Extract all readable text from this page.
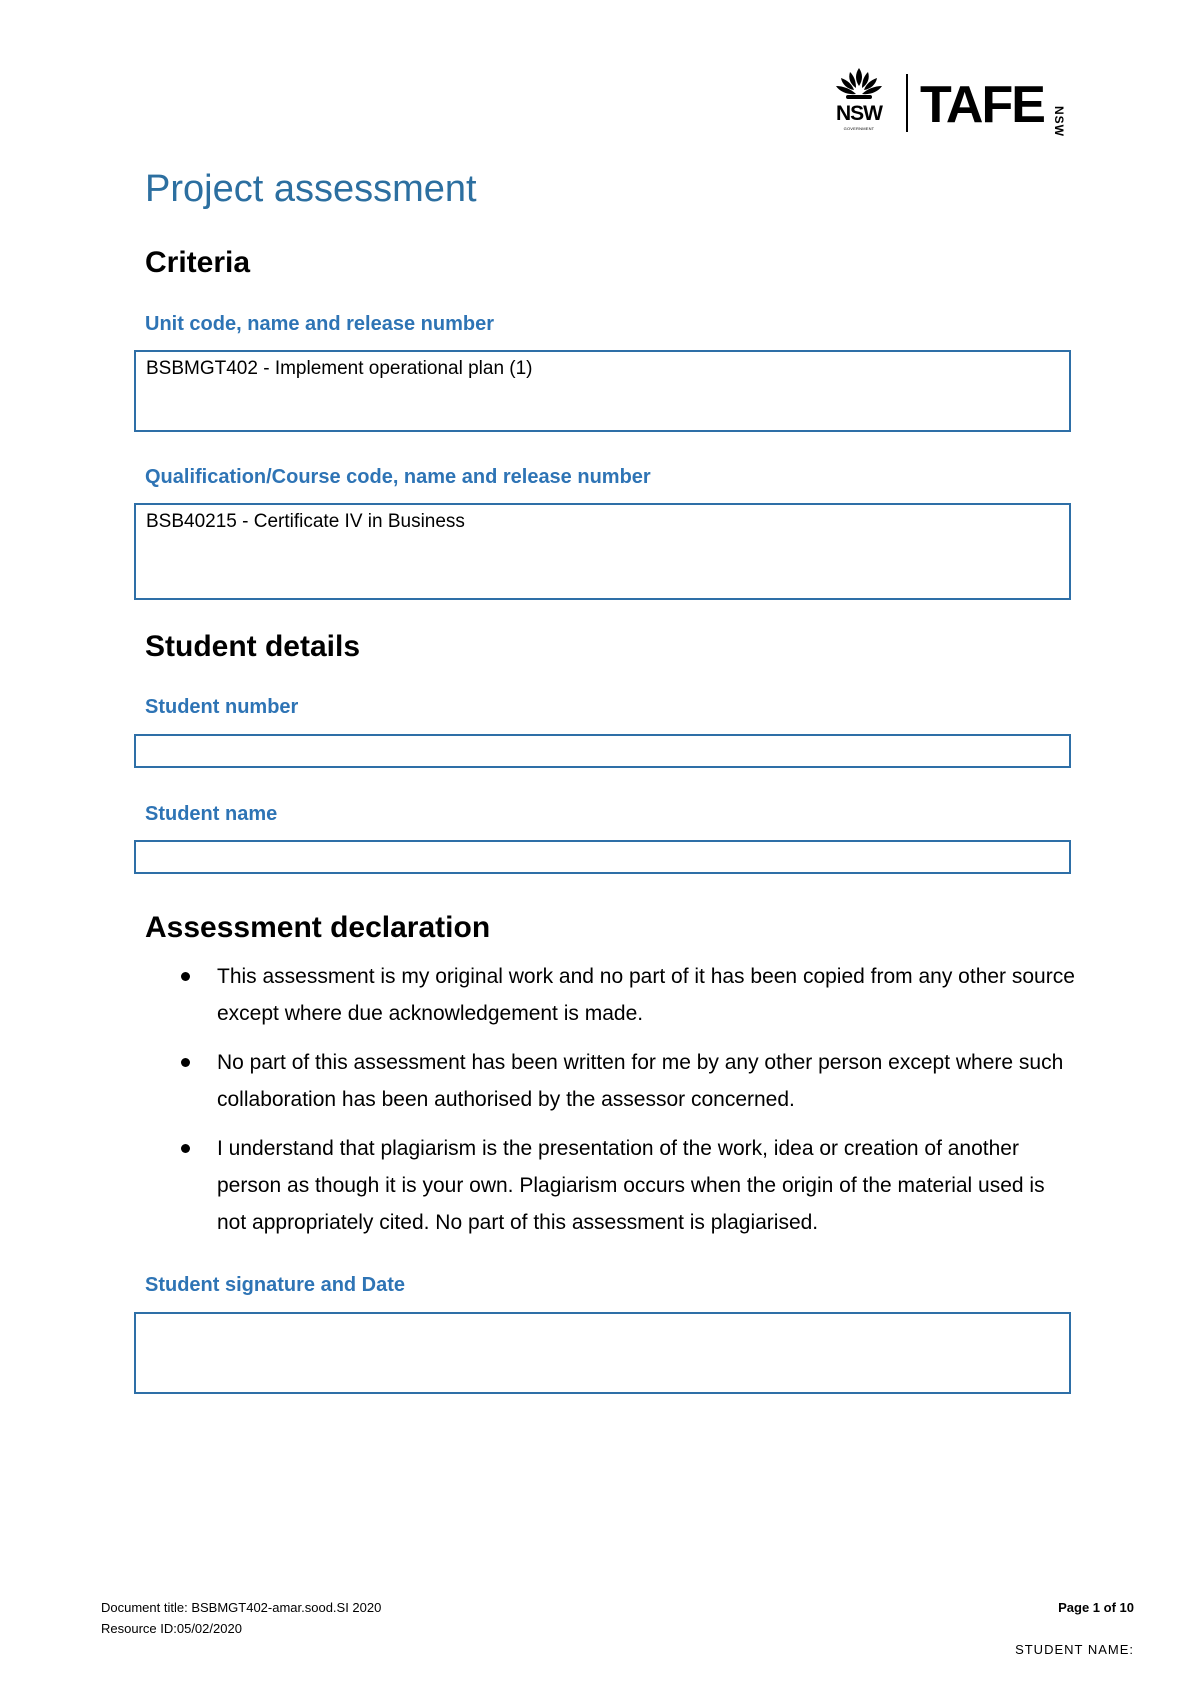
NSW
GOVERNMENT TAFE NSW
Project assessment
Criteria
Unit code, name and release number
BSBMGT402 - Implement operational plan (1)
Qualification/Course code, name and release number
BSB40215 - Certificate IV in Business
Student details
Student number
Student name
Assessment declaration
This assessment is my original work and no part of it has been copied from any other source except where due acknowledgement is made.
No part of this assessment has been written for me by any other person except where such collaboration has been authorised by the assessor concerned.
I understand that plagiarism is the presentation of the work, idea or creation of another person as though it is your own. Plagiarism occurs when the origin of the material used is not appropriately cited. No part of this assessment is plagiarised.
Student signature and Date
Document title: BSBMGT402-amar.sood.SI 2020
Resource ID:05/02/2020
Page 1 of 10
STUDENT NAME:
